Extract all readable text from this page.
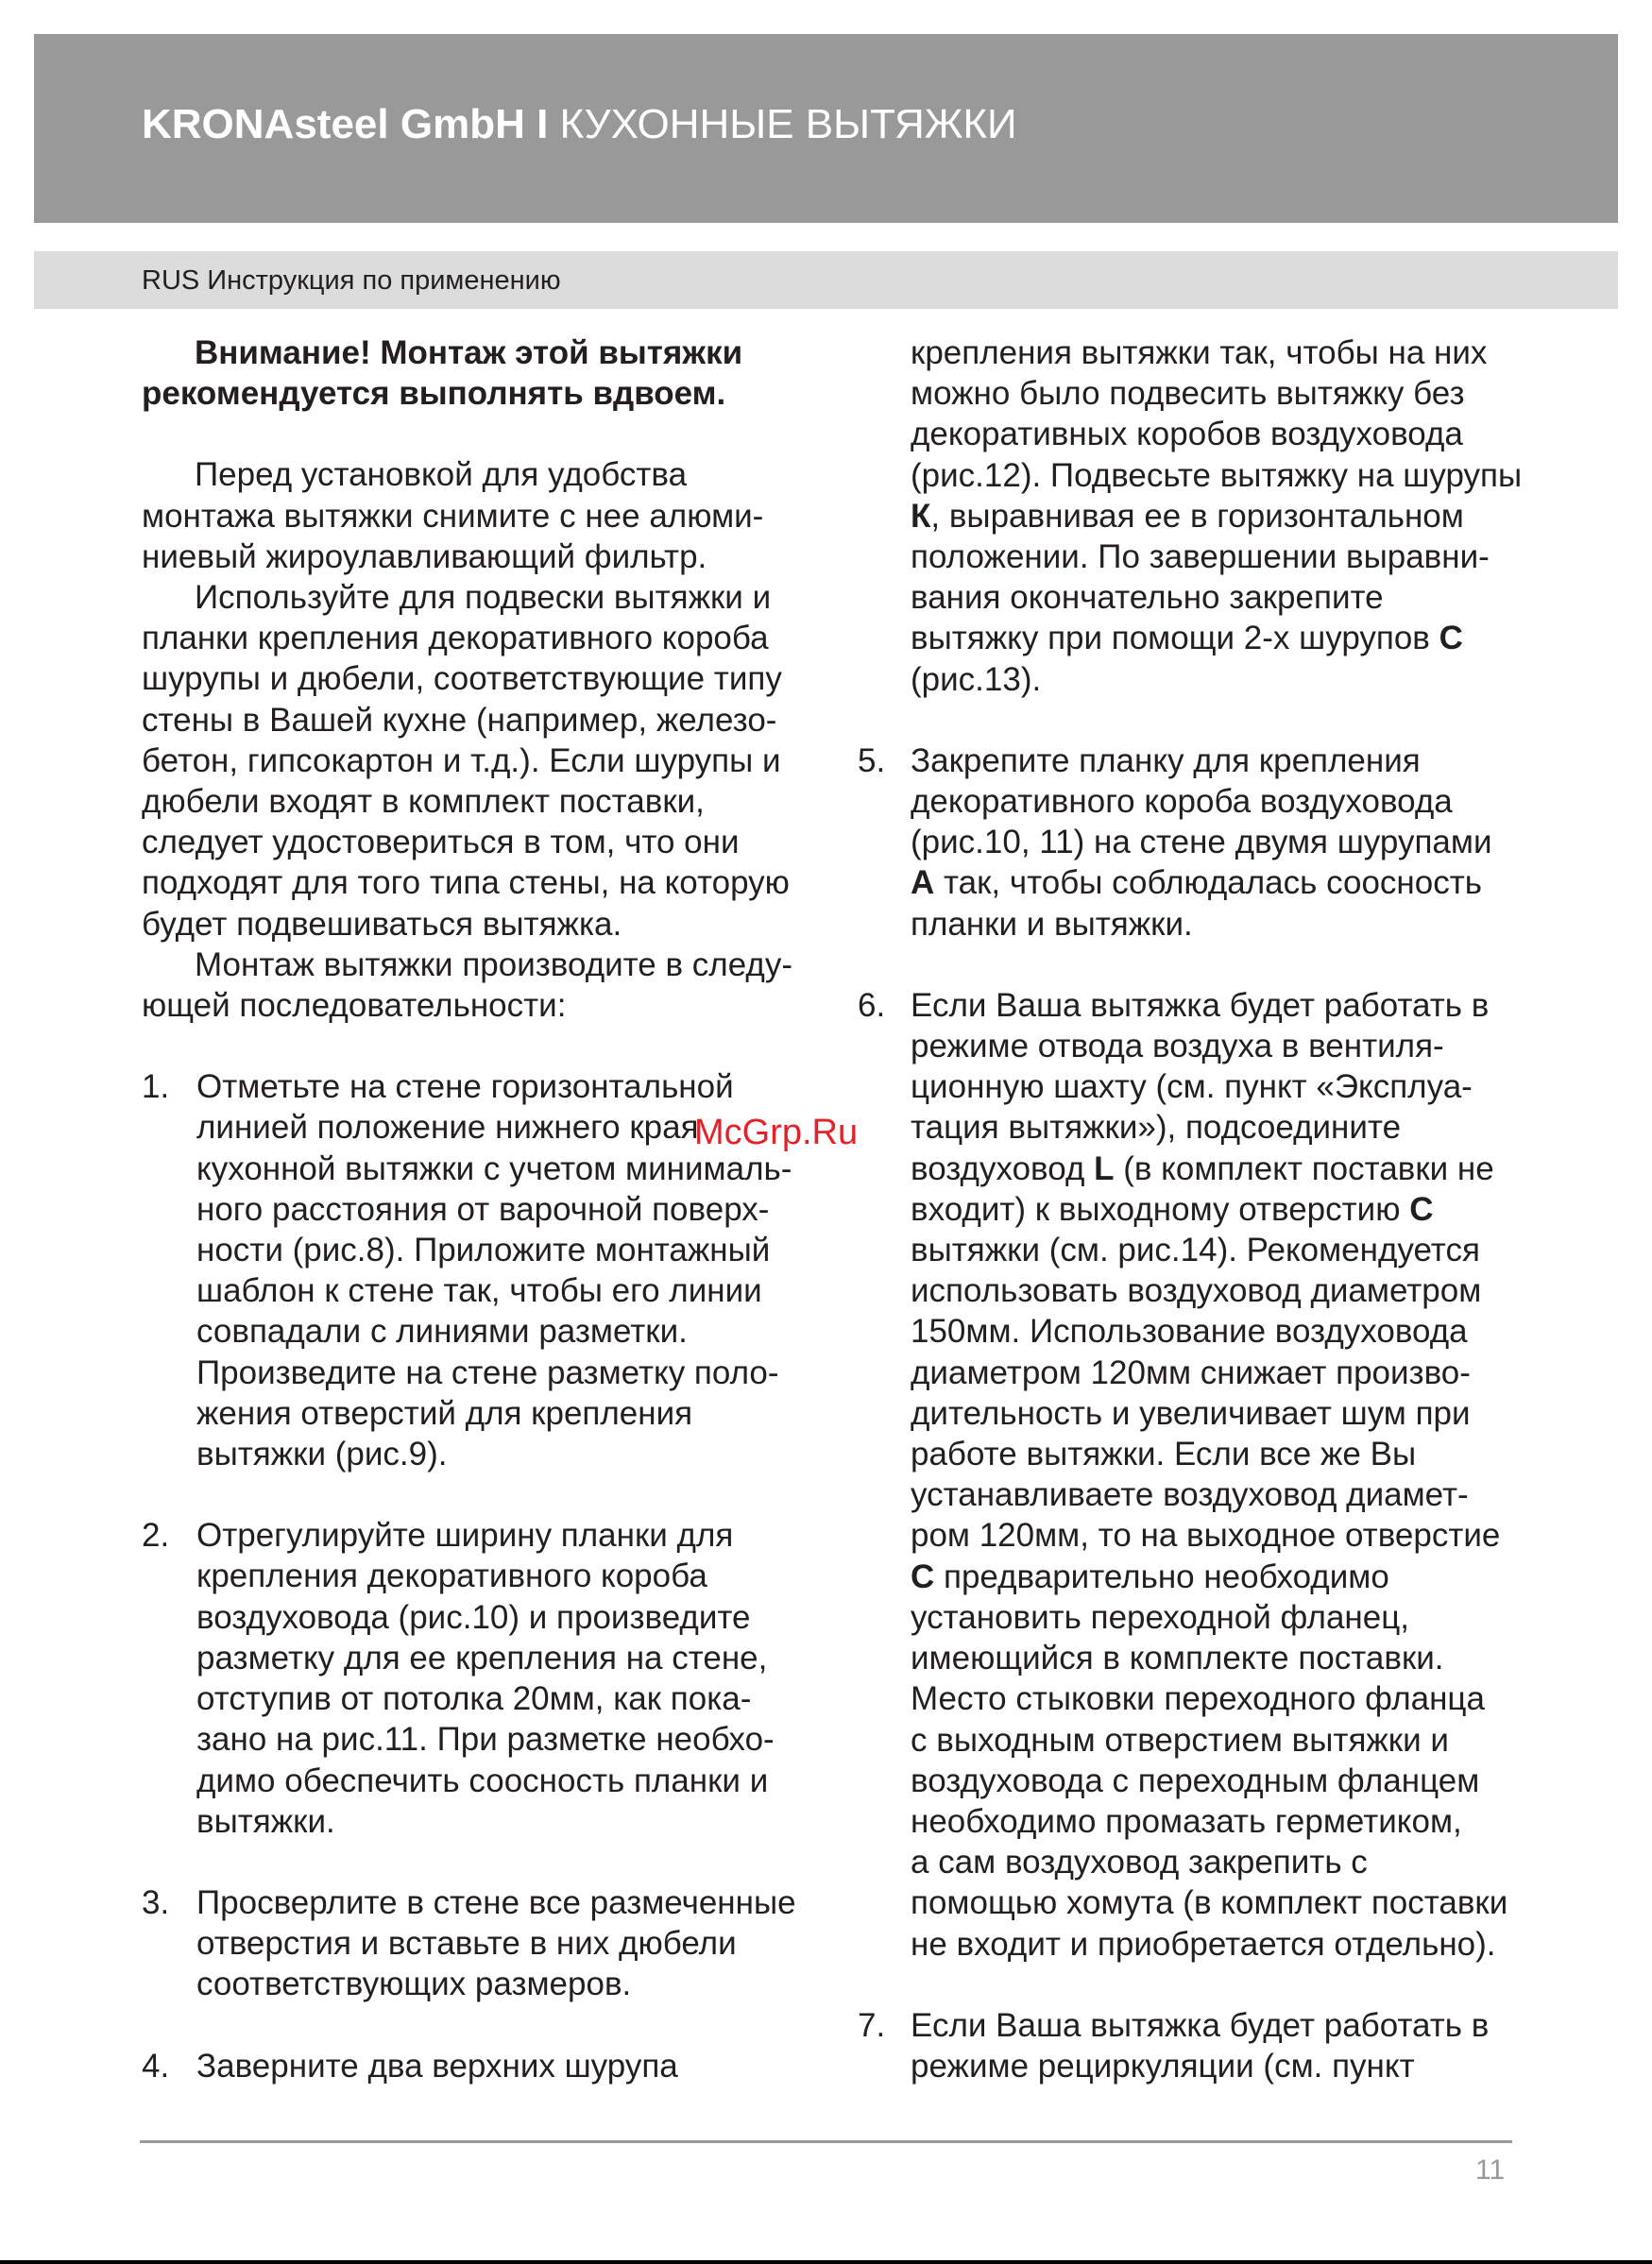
KRONAsteel GmbH I КУХОННЫЕ ВЫТЯЖКИ
RUS Инструкция по применению

Внимание! Монтаж этой вытяжки

рекомендуется выполнять вдвоем.

Перед установкой для удобства

монтажа вытяжки снимите с нее алюми-

ниевый жироулавливающий фильтр.

Используйте для подвески вытяжки и

планки крепления декоративного короба

шурупы и дюбели, соответствующие типу

стены в Вашей кухне (например, железо-

бетон, гипсокартон и т.д.). Если шурупы и

дюбели входят в комплект поставки,

следует удостовериться в том, что они

подходят для того типа стены, на которую

будет подвешиваться вытяжка.

Монтаж вытяжки производите в следу-

ющей последовательности:

1. Отметьте на стене горизонтальной

линией положение нижнего края

кухонной вытяжки с учетом минималь-

ного расстояния от варочной поверх-

ности (рис.8). Приложите монтажный

шаблон к стене так, чтобы его линии

совпадали с линиями разметки.

Произведите на стене разметку поло-

жения отверстий для крепления

вытяжки (рис.9).

2. Отрегулируйте ширину планки для

крепления декоративного короба

воздуховода (рис.10) и произведите

разметку для ее крепления на стене,

отступив от потолка 20мм, как пока-

зано на рис.11. При разметке необхо-

димо обеспечить соосность планки и

вытяжки.

3. Просверлите в стене все размеченные

отверстия и вставьте в них дюбели

соответствующих размеров.

4. Заверните два верхних шурупа

крепления вытяжки так, чтобы на них

можно было подвесить вытяжку без

декоративных коробов воздуховода

(рис.12). Подвесьте вытяжку на шурупы

К, выравнивая ее в горизонтальном

положении. По завершении выравни-

вания окончательно закрепите

вытяжку при помощи 2-х шурупов С

(рис.13).

5. Закрепите планку для крепления

декоративного короба воздуховода

(рис.10, 11) на стене двумя шурупами

А так, чтобы соблюдалась соосность

планки и вытяжки.

6. Если Ваша вытяжка будет работать в

режиме отвода воздуха в вентиля-

ционную шахту (см. пункт «Эксплуа-

тация вытяжки»), подсоедините

воздуховод L (в комплект поставки не

входит) к выходному отверстию С

вытяжки (см. рис.14). Рекомендуется

использовать воздуховод диаметром

150мм. Использование воздуховода

диаметром 120мм снижает произво-

дительность и увеличивает шум при

работе вытяжки. Если все же Вы

устанавливаете воздуховод диамет-

ром 120мм, то на выходное отверстие

С предварительно необходимо

установить переходной фланец,

имеющийся в комплекте поставки.

Место стыковки переходного фланца

с выходным отверстием вытяжки и

воздуховода с переходным фланцем

необходимо промазать герметиком,

а сам воздуховод закрепить с

помощью хомута (в комплект поставки

не входит и приобретается отдельно).

7. Если Ваша вытяжка будет работать в

режиме рециркуляции (см. пункт

McGrp.Ru
11
